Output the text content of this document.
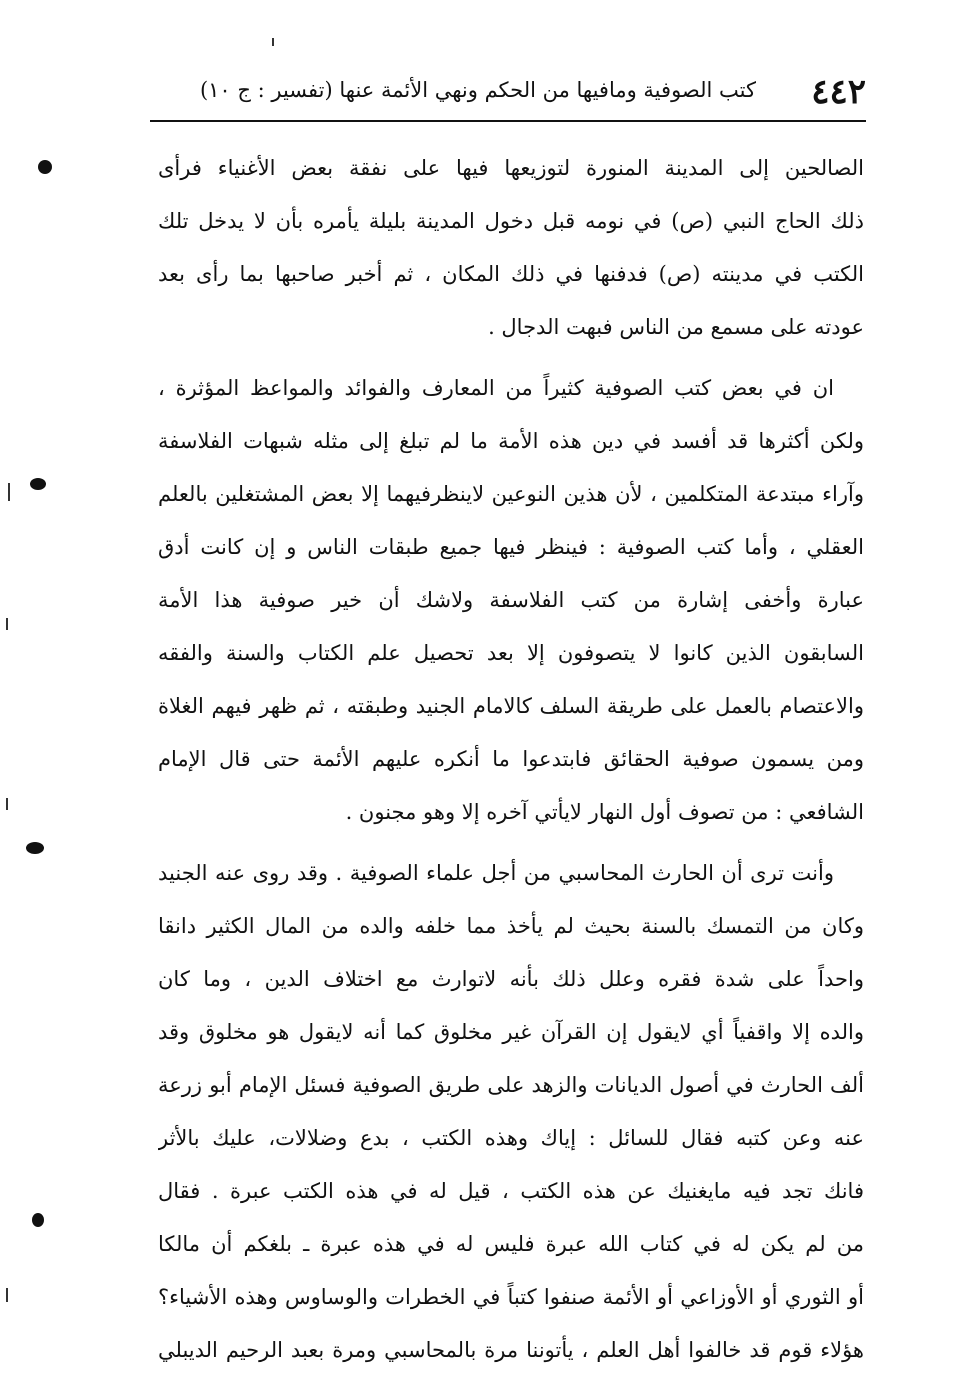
٤٤٢
كتب الصوفية ومافيها من الحكم ونهي الأئمة عنها (تفسير : ج ١٠)
الصالحين إلى المدينة المنورة لتوزيعها فيها على نفقة بعض الأغنياء فرأى
ذلك الحاج النبي (ص) في نومه قبل دخول المدينة بليلة يأمره بأن لا يدخل تلك
الكتب في مدينته (ص) فدفنها في ذلك المكان ، ثم أخبر صاحبها بما رأى بعد
عودته على مسمع من الناس فبهت الدجال .
ان في بعض كتب الصوفية كثيراً من المعارف والفوائد والمواعظ المؤثرة ،
ولكن أكثرها قد أفسد في دين هذه الأمة ما لم تبلغ إلى مثله شبهات الفلاسفة
وآراء مبتدعة المتكلمين ، لأن هذين النوعين لاينظرفيهما إلا بعض المشتغلين بالعلم
العقلي ، وأما كتب الصوفية : فينظر فيها جميع طبقات الناس و إن كانت أدق
عبارة وأخفى إشارة من كتب الفلاسفة ولاشك أن خير صوفية هذا الأمة
السابقون الذين كانوا لا يتصوفون إلا بعد تحصيل علم الكتاب والسنة والفقه
والاعتصام بالعمل على طريقة السلف كالامام الجنيد وطبقته ، ثم ظهر فيهم الغلاة
ومن يسمون صوفية الحقائق فابتدعوا ما أنكره عليهم الأئمة حتى قال الإمام
الشافعي : من تصوف أول النهار لايأتي آخره إلا وهو مجنون .
وأنت ترى أن الحارث المحاسبي من أجل علماء الصوفية . وقد روى عنه الجنيد
وكان من التمسك بالسنة بحيث لم يأخذ مما خلفه والده من المال الكثير دانقا
واحداً على شدة فقره وعلل ذلك بأنه لاتوارث مع اختلاف الدين ، وما كان
والده إلا واقفياً أي لايقول إن القرآن غير مخلوق كما أنه لايقول هو مخلوق وقد
ألف الحارث في أصول الديانات والزهد على طريق الصوفية فسئل الإمام أبو زرعة
عنه وعن كتبه فقال للسائل : إياك وهذه الكتب ، بدع وضلالات، عليك بالأثر
فانك تجد فيه مايغنيك عن هذه الكتب ، قيل له في هذه الكتب عبرة . فقال
من لم يكن له في كتاب الله عبرة فليس له في هذه عبرة ـ بلغكم أن مالكا
أو الثوري أو الأوزاعي أو الأئمة صنفوا كتباً في الخطرات والوساوس وهذه الأشياء؟
هؤلاء قوم قد خالفوا أهل العلم ، يأتوننا مرة بالمحاسبي ومرة بعبد الرحيم الديبلي
